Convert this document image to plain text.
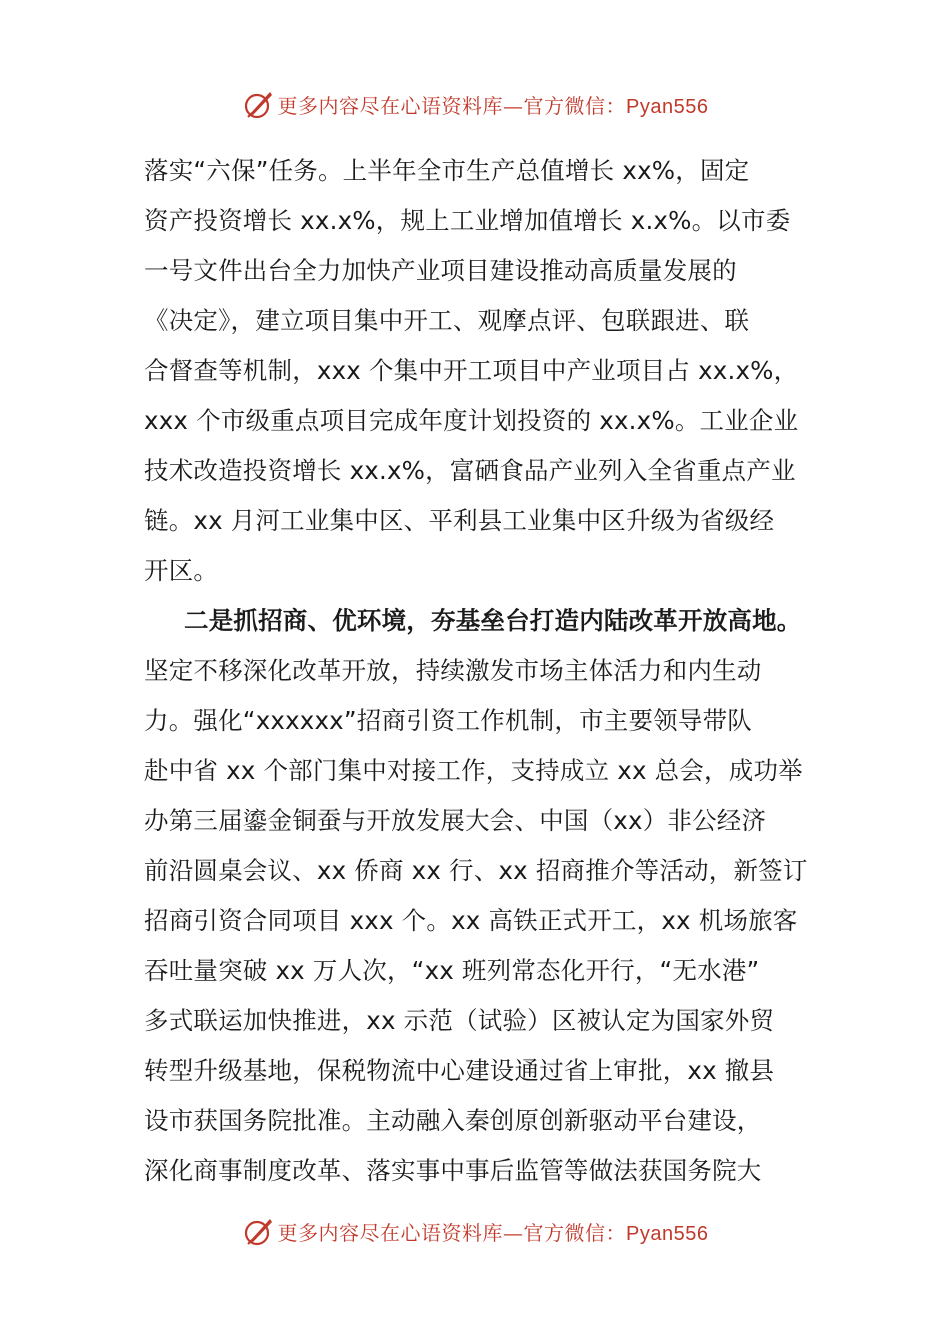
更多内容尽在心语资料库—官方微信：Pyan556
落实“六保”任务。上半年全市生产总值增长 xx%，固定
资产投资增长 xx.x%，规上工业增加值增长 x.x%。以市委
一号文件出台全力加快产业项目建设推动高质量发展的
《决定》，建立项目集中开工、观摩点评、包联跟进、联
合督查等机制，xxx 个集中开工项目中产业项目占 xx.x%，
xxx 个市级重点项目完成年度计划投资的 xx.x%。工业企业
技术改造投资增长 xx.x%，富硒食品产业列入全省重点产业
链。xx 月河工业集中区、平利县工业集中区升级为省级经
开区。
二是抓招商、优环境，夯基垒台打造内陆改革开放高地。
坚定不移深化改革开放，持续激发市场主体活力和内生动
力。强化“xxxxxx”招商引资工作机制，市主要领导带队
赴中省 xx 个部门集中对接工作，支持成立 xx 总会，成功举
办第三届鎏金铜蚕与开放发展大会、中国（xx）非公经济
前沿圆桌会议、xx 侨商 xx 行、xx 招商推介等活动，新签订
招商引资合同项目 xxx 个。xx 高铁正式开工，xx 机场旅客
吞吐量突破 xx 万人次，“xx 班列常态化开行，“无水港”
多式联运加快推进，xx 示范（试验）区被认定为国家外贸
转型升级基地，保税物流中心建设通过省上审批，xx 撤县
设市获国务院批准。主动融入秦创原创新驱动平台建设，
深化商事制度改革、落实事中事后监管等做法获国务院大
更多内容尽在心语资料库—官方微信：Pyan556
